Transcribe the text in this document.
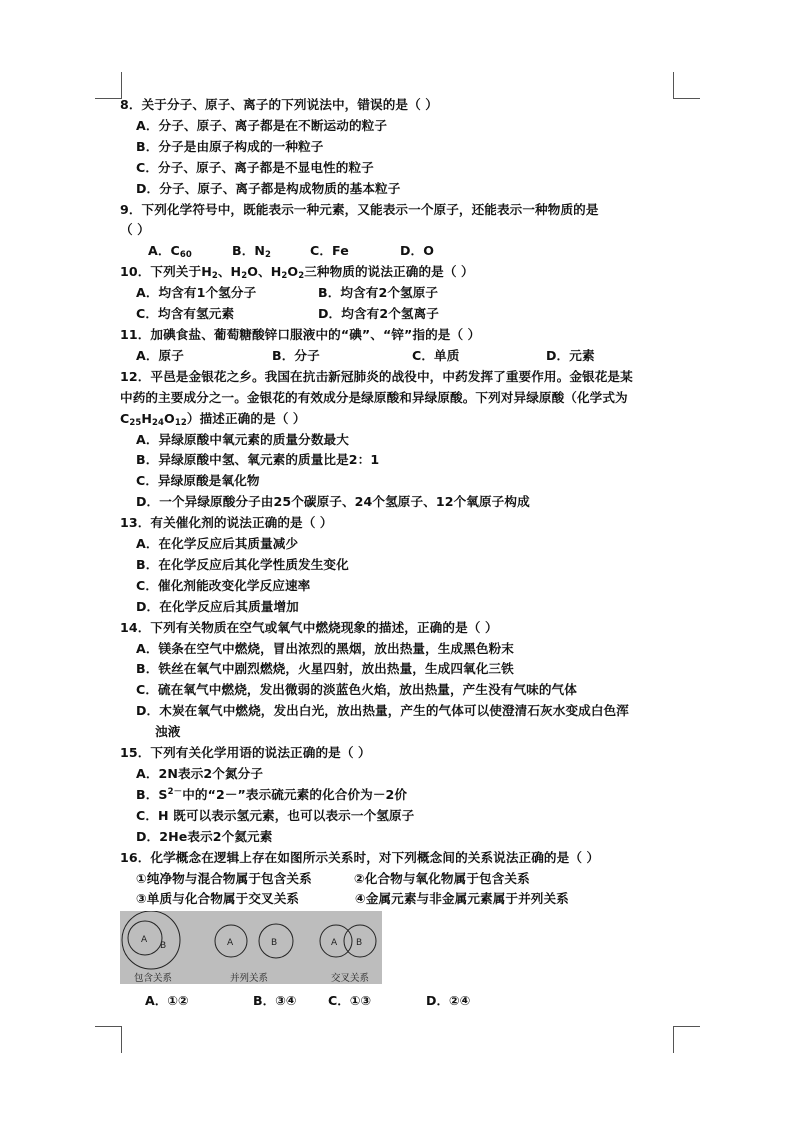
8．关于分子、原子、离子的下列说法中，错误的是（ ）
A．分子、原子、离子都是在不断运动的粒子
B．分子是由原子构成的一种粒子
C．分子、原子、离子都是不显电性的粒子
D．分子、原子、离子都是构成物质的基本粒子
9．下列化学符号中，既能表示一种元素，又能表示一个原子，还能表示一种物质的是
（ ）
A．$C_{60}$	B．$N_2$	C．Fe	D．O
10．下列关于$H_2$、$H_2O$、$H_2O_2$三种物质的说法正确的是（ ）
A．均含有1个氢分子	B．均含有2个氢原子
C．均含有氢元素	D．均含有2个氢离子
11．加碘食盐、葡萄糖酸锌口服液中的“碘”、“锌”指的是（ ）
A．原子	B．分子	C．单质	D．元素
12．平邑是金银花之乡。我国在抗击新冠肺炎的战役中，中药发挥了重要作用。金银花是某
中药的主要成分之一。金银花的有效成分是绿原酸和异绿原酸。下列对异绿原酸（化学式为
$C_{25}H_{24}O_{12}$）描述正确的是（ ）
A．异绿原酸中氧元素的质量分数最大
B．异绿原酸中氢、氧元素的质量比是2：1
C．异绿原酸是氧化物
D．一个异绿原酸分子由25个碳原子、24个氢原子、12个氧原子构成
13．有关催化剂的说法正确的是（ ）
A．在化学反应后其质量减少
B．在化学反应后其化学性质发生变化
C．催化剂能改变化学反应速率
D．在化学反应后其质量增加
14．下列有关物质在空气或氧气中燃烧现象的描述，正确的是（ ）
A．镁条在空气中燃烧，冒出浓烈的黑烟，放出热量，生成黑色粉末
B．铁丝在氧气中剧烈燃烧，火星四射，放出热量，生成四氧化三铁
C．硫在氧气中燃烧，发出微弱的淡蓝色火焰，放出热量，产生没有气味的气体
D．木炭在氧气中燃烧，发出白光，放出热量，产生的气体可以使澄清石灰水变成白色浑
浊液
15．下列有关化学用语的说法正确的是（ ）
A．2N表示2个氮分子
B．$S^{2-}$中的“2－”表示硫元素的化合价为－2价
C．H 既可以表示氢元素，也可以表示一个氢原子
D．2He表示2个氦元素
16．化学概念在逻辑上存在如图所示关系时，对下列概念间的关系说法正确的是（ ）
①纯净物与混合物属于包含关系	②化合物与氧化物属于包含关系
③单质与化合物属于交叉关系	④金属元素与非金属元素属于并列关系
A
B	A	B	A B
包含关系	并列关系	交叉关系
A．①②	B．③④	C．①③	D．②④
